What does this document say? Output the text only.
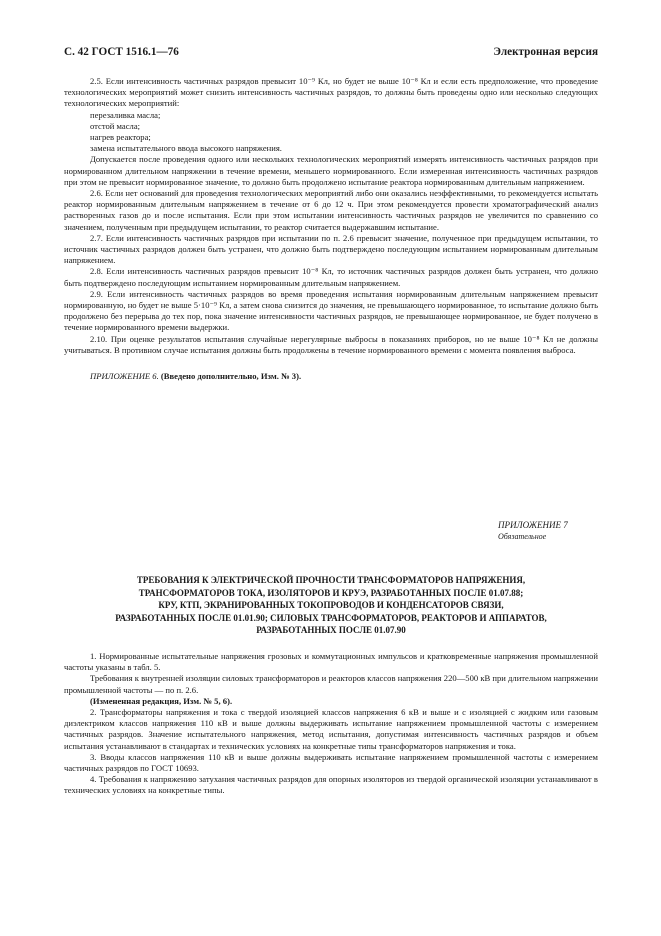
С. 42 ГОСТ 1516.1—76	Электронная версия

2.5. Если интенсивность частичных разрядов превысит 10⁻⁹ Кл, но будет не выше 10⁻⁸ Кл и если есть предположение, что проведение технологических мероприятий может снизить интенсивность частичных разрядов, то должны быть проведены одно или несколько следующих технологических мероприятий:

перезаливка масла;

отстой масла;

нагрев реактора;

замена испытательного ввода высокого напряжения.

Допускается после проведения одного или нескольких технологических мероприятий измерять интенсивность частичных разрядов при нормированном длительном напряжении в течение времени, меньшего нормированного. Если измеренная интенсивность частичных разрядов при этом не превысит нормированное значение, то должно быть продолжено испытание реактора нормированным длительным напряжением.

2.6. Если нет оснований для проведения технологических мероприятий либо они оказались неэффективными, то рекомендуется испытать реактор нормированным длительным напряжением в течение от 6 до 12 ч. При этом рекомендуется провести хроматографический анализ растворенных газов до и после испытания. Если при этом испытании интенсивность частичных разрядов не увеличится по сравнению со значением, полученным при предыдущем испытании, то реактор считается выдержавшим испытание.

2.7. Если интенсивность частичных разрядов при испытании по п. 2.6 превысит значение, полученное при предыдущем испытании, то источник частичных разрядов должен быть устранен, что должно быть подтверждено последующим испытанием нормированным длительным напряжением.

2.8. Если интенсивность частичных разрядов превысит 10⁻⁸ Кл, то источник частичных разрядов должен быть устранен, что должно быть подтверждено последующим испытанием нормированным длительным напряжением.

2.9. Если интенсивность частичных разрядов во время проведения испытания нормированным длительным напряжением превысит нормированную, но будет не выше 5·10⁻⁹ Кл, а затем снова снизится до значения, не превышающего нормированное, то испытание должно быть продолжено без перерыва до тех пор, пока значение интенсивности частичных разрядов, не превышающее нормированное, не будет получено в течение нормированного времени выдержки.

2.10. При оценке результатов испытания случайные нерегулярные выбросы в показаниях приборов, но не выше 10⁻⁸ Кл не должны учитываться. В противном случае испытания должны быть продолжены в течение нормированного времени с момента появления выброса.

ПРИЛОЖЕНИЕ 6. (Введено дополнительно, Изм. № 3).

ПРИЛОЖЕНИЕ 7
Обязательное
ТРЕБОВАНИЯ К ЭЛЕКТРИЧЕСКОЙ ПРОЧНОСТИ ТРАНСФОРМАТОРОВ НАПРЯЖЕНИЯ,
ТРАНСФОРМАТОРОВ ТОКА, ИЗОЛЯТОРОВ И КРУЭ, РАЗРАБОТАННЫХ ПОСЛЕ 01.07.88;
КРУ, КТП, ЭКРАНИРОВАННЫХ ТОКОПРОВОДОВ И КОНДЕНСАТОРОВ СВЯЗИ,
РАЗРАБОТАННЫХ ПОСЛЕ 01.01.90; СИЛОВЫХ ТРАНСФОРМАТОРОВ, РЕАКТОРОВ И АППАРАТОВ,
РАЗРАБОТАННЫХ ПОСЛЕ 01.07.90

1. Нормированные испытательные напряжения грозовых и коммутационных импульсов и кратковременные напряжения промышленной частоты указаны в табл. 5.

Требования к внутренней изоляции силовых трансформаторов и реакторов классов напряжения 220—500 кВ при длительном напряжении промышленной частоты — по п. 2.6.

(Измененная редакция, Изм. № 5, 6).

2. Трансформаторы напряжения и тока с твердой изоляцией классов напряжения 6 кВ и выше и с изоляцией с жидким или газовым диэлектриком классов напряжения 110 кВ и выше должны выдерживать испытание напряжением промышленной частоты с измерением частичных разрядов. Значение испытательного напряжения, метод испытания, допустимая интенсивность частичных разрядов и объем испытания устанавливают в стандартах и технических условиях на конкретные типы трансформаторов напряжения и тока.

3. Вводы классов напряжения 110 кВ и выше должны выдерживать испытание напряжением промышленной частоты с измерением частичных разрядов по ГОСТ 10693.

4. Требования к напряжению затухания частичных разрядов для опорных изоляторов из твердой органической изоляции устанавливают в технических условиях на конкретные типы.
